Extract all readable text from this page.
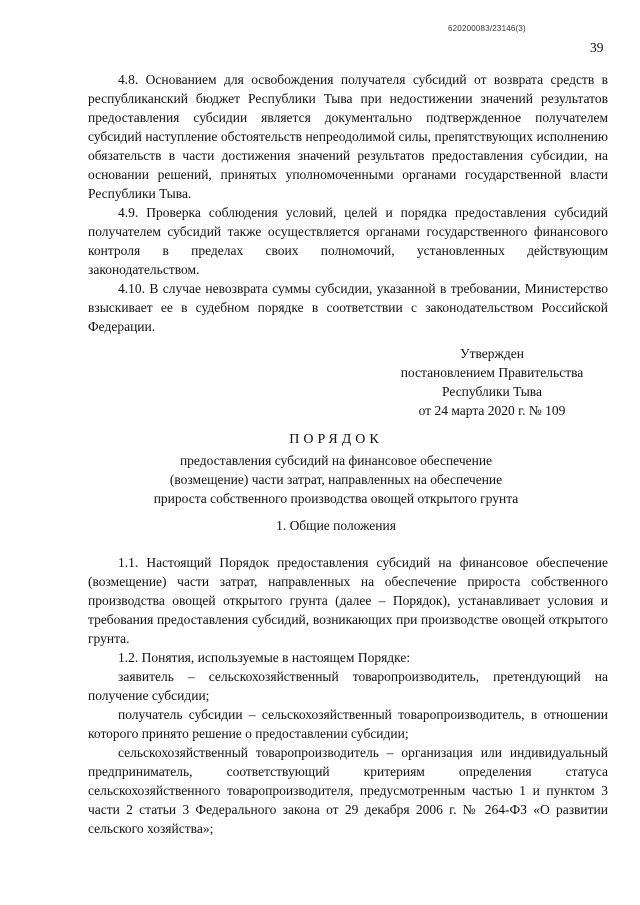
620200083/23146(3)
39

4.8. Основанием для освобождения получателя субсидий от возврата средств в республиканский бюджет Республики Тыва при недостижении значений результатов предоставления субсидии является документально подтвержденное получателем субсидий наступление обстоятельств непреодолимой силы, препятствующих исполнению обязательств в части достижения значений результатов предоставления субсидии, на основании решений, принятых уполномоченными органами государственной власти Республики Тыва.

4.9. Проверка соблюдения условий, целей и порядка предоставления субсидий получателем субсидий также осуществляется органами государственного финансового контроля в пределах своих полномочий, установленных действующим законодательством.

4.10. В случае невозврата суммы субсидии, указанной в требовании, Министерство взыскивает ее в судебном порядке в соответствии с законодательством Российской Федерации.

Утвержден
постановлением Правительства
Республики Тыва
от 24 марта 2020 г. № 109
ПОРЯДОК

предоставления субсидий на финансовое обеспечение

(возмещение) части затрат, направленных на обеспечение

прироста собственного производства овощей открытого грунта

1. Общие положения

1.1. Настоящий Порядок предоставления субсидий на финансовое обеспечение (возмещение) части затрат, направленных на обеспечение прироста собственного производства овощей открытого грунта (далее – Порядок), устанавливает условия и требования предоставления субсидий, возникающих при производстве овощей открытого грунта.

1.2. Понятия, используемые в настоящем Порядке:

заявитель – сельскохозяйственный товаропроизводитель, претендующий на получение субсидии;

получатель субсидии – сельскохозяйственный товаропроизводитель, в отношении которого принято решение о предоставлении субсидии;

сельскохозяйственный товаропроизводитель – организация или индивидуальный предприниматель, соответствующий критериям определения статуса сельскохозяйственного товаропроизводителя, предусмотренным частью 1 и пунктом 3 части 2 статьи 3 Федерального закона от 29 декабря 2006 г. № 264-ФЗ «О развитии сельского хозяйства»;
